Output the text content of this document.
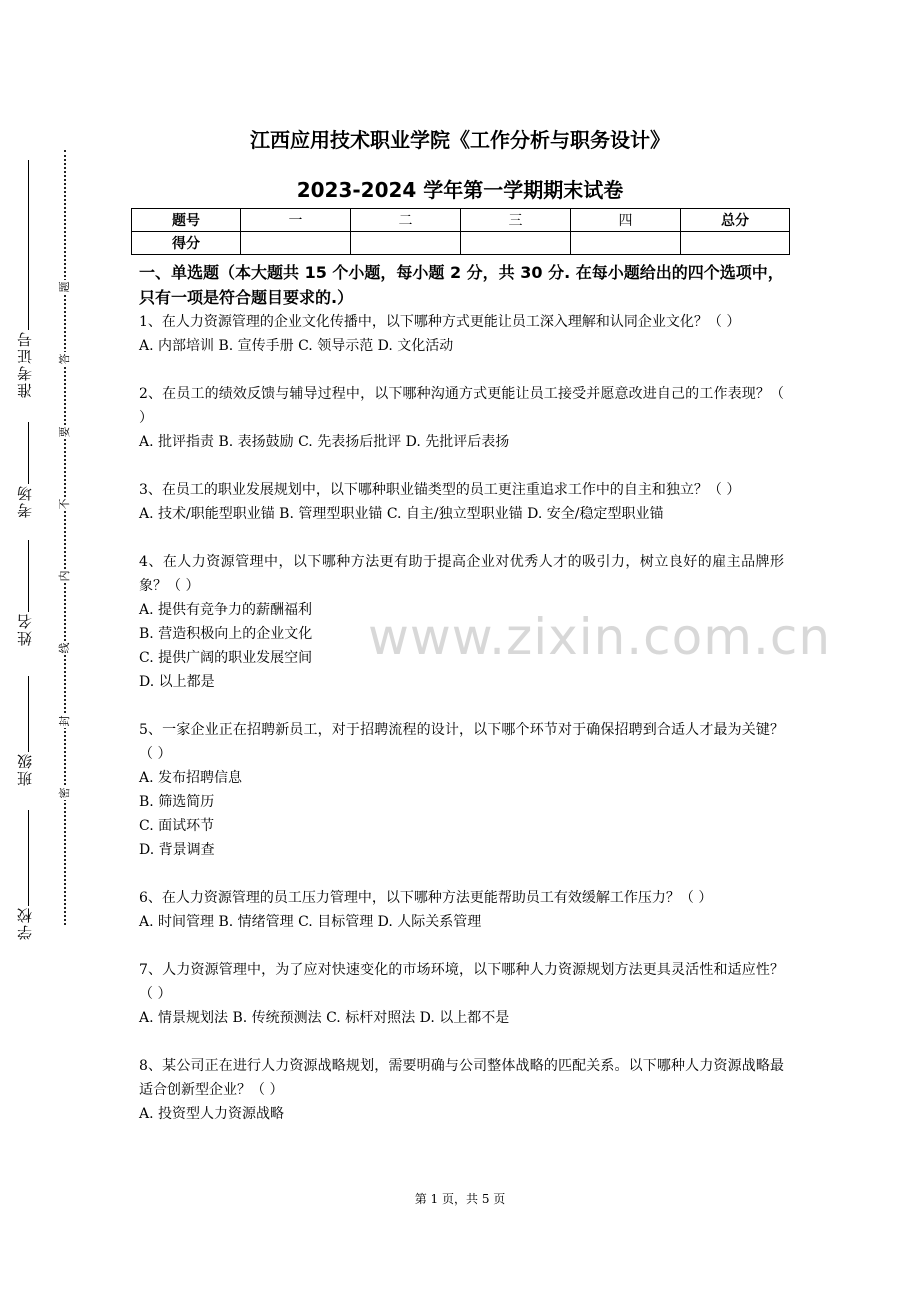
www.zixin.com.cn
题
答
要
不
内
线
封
密
准考证号
考场
姓名
班级
学校
江西应用技术职业学院《工作分析与职务设计》
2023-2024 学年第一学期期末试卷
题号	一	二	三	四	总分
得分					
一、单选题（本大题共 15 个小题，每小题 2 分，共 30 分. 在每小题给出的四个选项中，只有一项是符合题目要求的.）
1、在人力资源管理的企业文化传播中，以下哪种方式更能让员工深入理解和认同企业文化？（ ）
A. 内部培训 B. 宣传手册 C. 领导示范 D. 文化活动
2、在员工的绩效反馈与辅导过程中，以下哪种沟通方式更能让员工接受并愿意改进自己的工作表现？（ ）
A. 批评指责 B. 表扬鼓励 C. 先表扬后批评 D. 先批评后表扬
3、在员工的职业发展规划中，以下哪种职业锚类型的员工更注重追求工作中的自主和独立？（ ）
A. 技术/职能型职业锚 B. 管理型职业锚 C. 自主/独立型职业锚 D. 安全/稳定型职业锚
4、在人力资源管理中，以下哪种方法更有助于提高企业对优秀人才的吸引力，树立良好的雇主品牌形象？（ ）
A. 提供有竞争力的薪酬福利
B. 营造积极向上的企业文化
C. 提供广阔的职业发展空间
D. 以上都是
5、一家企业正在招聘新员工，对于招聘流程的设计，以下哪个环节对于确保招聘到合适人才最为关键？（ ）
A. 发布招聘信息
B. 筛选简历
C. 面试环节
D. 背景调查
6、在人力资源管理的员工压力管理中，以下哪种方法更能帮助员工有效缓解工作压力？（ ）
A. 时间管理 B. 情绪管理 C. 目标管理 D. 人际关系管理
7、人力资源管理中，为了应对快速变化的市场环境，以下哪种人力资源规划方法更具灵活性和适应性？（ ）
A. 情景规划法 B. 传统预测法 C. 标杆对照法 D. 以上都不是
8、某公司正在进行人力资源战略规划，需要明确与公司整体战略的匹配关系。以下哪种人力资源战略最适合创新型企业？（ ）
A. 投资型人力资源战略
第 1 页，共 5 页
